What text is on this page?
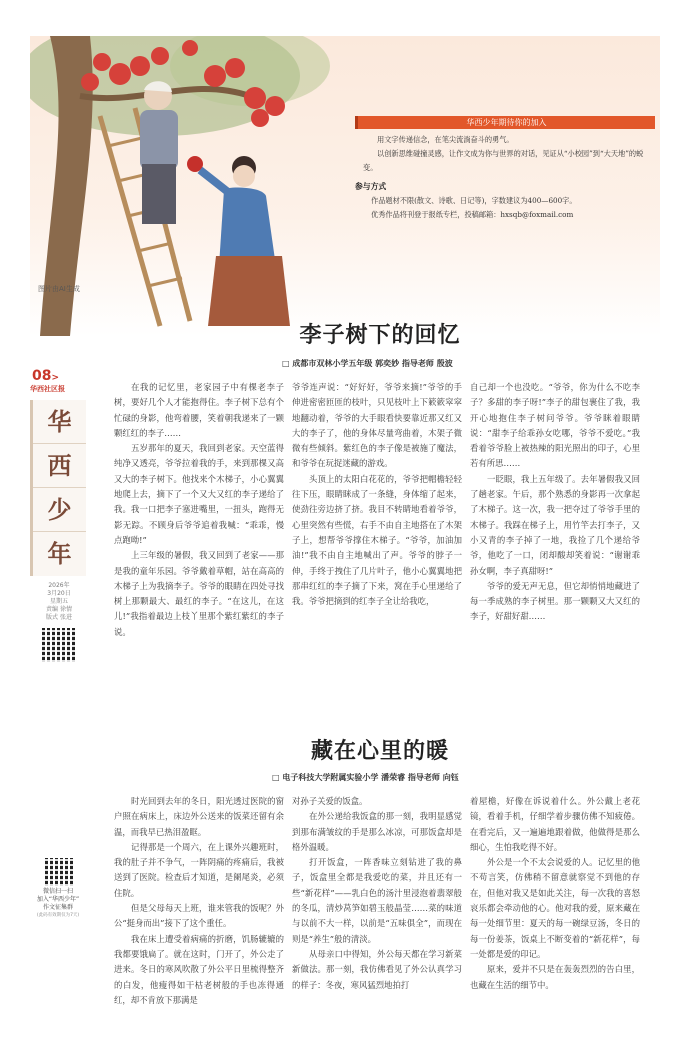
图片由AI生成
华西少年期待你的加入

用文字传递信念，在笔尖流淌奋斗的勇气。

以创新思维碰撞灵感，让作文成为你与世界的对话，见证从“小校园”到“大天地”的蜕变。

参与方式

作品题材不限(散文、诗歌、日记等)，字数建议为400—600字。

优秀作品将刊登于报纸专栏，投稿邮箱：hxsqb@foxmail.com

08>
华西社区报
华
西
少
年
2026年
3月20日
星期五
责编 徐情
版式 张进
李子树下的回忆
□ 成都市双林小学五年级 郭奕妙 指导老师 殷波

在我的记忆里，老家园子中有棵老李子树，要好几个人才能抱得住。李子树下总有个忙碌的身影，他弯着腰，笑着朝我递来了一颗颗红红的李子……

五岁那年的夏天，我回到老家。天空蓝得纯净又透亮，爷爷拉着我的手，来到那棵又高又大的李子树下。他找来个木梯子，小心翼翼地爬上去，摘下了一个又大又红的李子递给了我。我一口把李子塞进嘴里，一扭头，跑得无影无踪。不顾身后爷爷追着我喊：“乖乖，慢点跑呦!”

上三年级的暑假，我又回到了老家——那是我的童年乐园。爷爷戴着草帽，站在高高的木梯子上为我摘李子。爷爷的眼睛在四处寻找树上那颗最大、最红的李子。“在这儿，在这儿!”我指着最边上枝丫里那个紫红紫红的李子说。

爷爷连声说：“好好好，爷爷来摘!”爷爷的手伸进密密匝匝的枝叶，只见枝叶上下簌簌窣窣地翻动着，爷爷的大手眼看快要靠近那又红又大的李子了，他的身体尽量弯曲着，木架子微微有些倾斜。紫红色的李子像是被施了魔法，和爷爷在玩捉迷藏的游戏。

头顶上的太阳白花花的，爷爷把帽檐轻轻往下压，眼睛眯成了一条缝，身体缩了起来，使劲往旁边挤了挤。我目不转睛地看着爷爷，心里突然有些慌，右手不由自主地搭在了木架子上，想帮爷爷撑住木梯子。“爷爷，加油加油!”我不由自主地喊出了声。爷爷的脖子一伸，手终于拽住了几片叶子，他小心翼翼地把那串红红的李子摘了下来，窝在手心里递给了我。爷爷把摘到的红李子全让给我吃，

自己却一个也没吃。“爷爷，你为什么不吃李子？多甜的李子呀!”李子的甜包裹住了我，我开心地抱住李子树问爷爷。爷爷眯着眼睛说：“甜李子给乖孙女吃哪，爷爷不爱吃。”我看着爷爷脸上被热辣的阳光照出的印子，心里若有所思……

一眨眼，我上五年级了。去年暑假我又回了趟老家。午后，那个熟悉的身影再一次拿起了木梯子。这一次，我一把夺过了爷爷手里的木梯子。我踩在梯子上，用竹竿去打李子，又小又青的李子掉了一地，我捡了几个递给爷爷，他吃了一口，闭却酸却笑着说：“谢谢乖孙女啊，李子真甜呀!”

爷爷的爱无声无息，但它却悄悄地藏进了每一季成熟的李子树里。那一颗颗又大又红的李子，好甜好甜……

藏在心里的暖
□ 电子科技大学附属实验小学 潘荣睿 指导老师 向钰

时光回到去年的冬日，阳光透过医院的窗户照在病床上，床边外公送来的饭菜还留有余温，而我早已热泪盈眶。

记得那是一个周六，在上课外兴趣班时，我的肚子并不争气，一阵阴痛的疼痛后，我被送到了医院。检查后才知道，是阑尾炎，必须住院。

但是父母每天上班，谁来管我的饭呢？外公“挺身而出”接下了这个重任。

我在床上遭受着病痛的折磨，饥肠辘辘的我都要饿扁了。就在这时，门开了，外公走了进来。冬日的寒风吹散了外公平日里梳得整齐的白发，他瘦得如干枯老树般的手也冻得通红，却不肯放下那满是

对孙子关爱的饭盒。

在外公递给我饭盒的那一刻，我明显感觉到那布满皱纹的手是那么冰凉，可那饭盒却是格外温暖。

打开饭盒，一阵香味立刻钻进了我的鼻子，饭盒里全都是我爱吃的菜，并且还有一些“新花样”——乳白色的汤汁里浸泡着翡翠般的冬瓜，清炒莴笋如碧玉般晶莹……菜的味道与以前不大一样，以前是“五味俱全”，而现在则是“养生”般的清淡。

从母亲口中得知，外公每天都在学习新菜新做法。那一刻，我仿佛看见了外公认真学习的样子：冬夜，寒风猛烈地拍打

着屋檐，好像在诉说着什么。外公戴上老花镜，看着手机，仔细学着步骤仿佛不知疲倦。在看完后，又一遍遍地跟着做，他做得是那么细心，生怕我吃得不好。

外公是一个不太会说爱的人。记忆里的他不苟言笑，仿佛稍不留意就察觉不到他的存在，但他对我又是如此关注，每一次我的喜怒哀乐都会牵动他的心。他对我的爱，原来藏在每一处细节里：夏天的每一碗绿豆汤，冬日的每一份姜茶，饭桌上不断变着的“新花样”，每一处都是爱的印记。

原来，爱并不只是在轰轰烈烈的告白里，也藏在生活的细节中。

微信扫一扫
加入“华西少年”
作文征集群
(此码有效期仅为7天)
